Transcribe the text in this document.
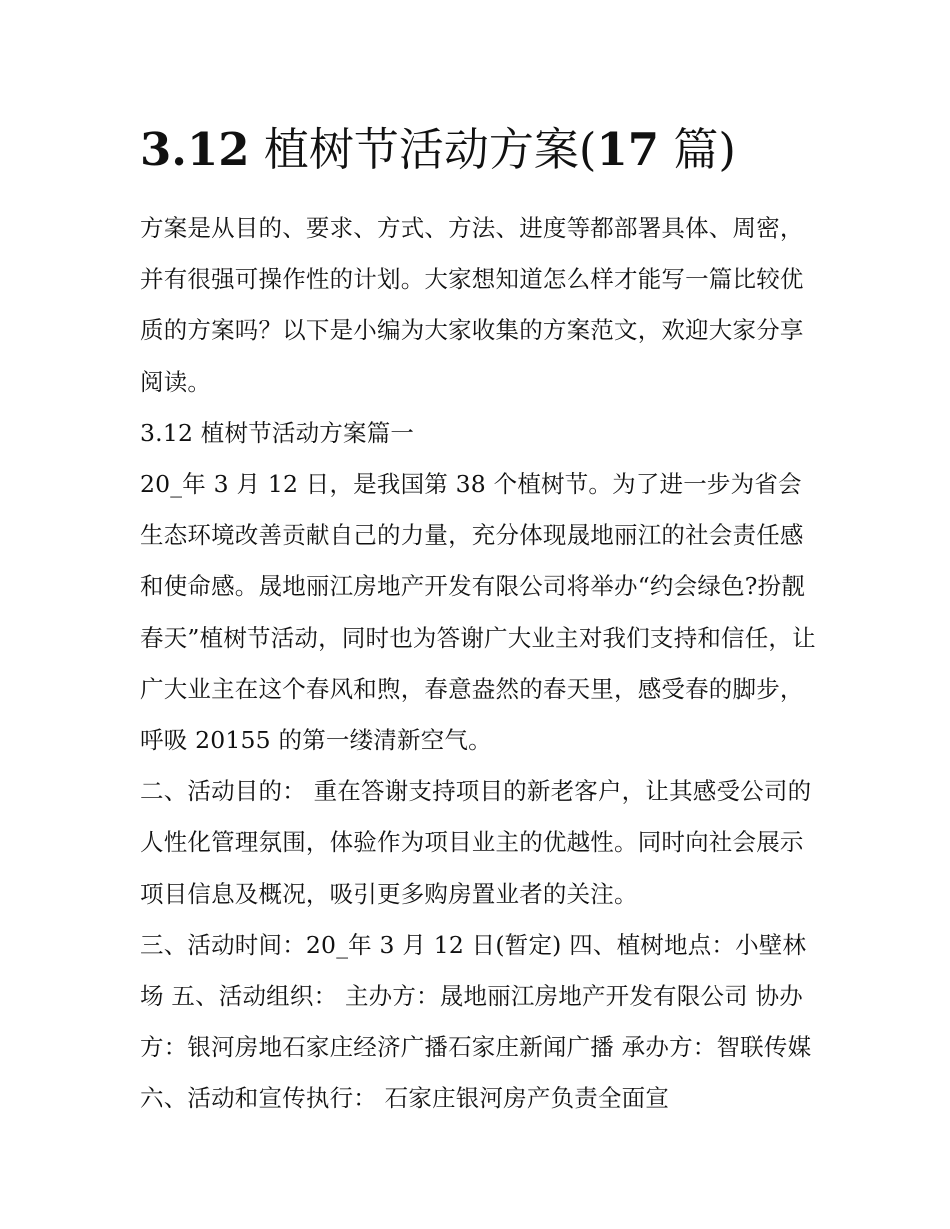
3.12 植树节活动方案(17 篇)

方案是从目的、要求、方式、方法、进度等都部署具体、周密，并有很强可操作性的计划。大家想知道怎么样才能写一篇比较优质的方案吗？以下是小编为大家收集的方案范文，欢迎大家分享阅读。

3.12 植树节活动方案篇一

20_年 3 月 12 日，是我国第 38 个植树节。为了进一步为省会生态环境改善贡献自己的力量，充分体现晟地丽江的社会责任感和使命感。晟地丽江房地产开发有限公司将举办“约会绿色?扮靓春天”植树节活动，同时也为答谢广大业主对我们支持和信任，让广大业主在这个春风和煦，春意盎然的春天里，感受春的脚步，呼吸 20155 的第一缕清新空气。

二、活动目的： 重在答谢支持项目的新老客户，让其感受公司的人性化管理氛围，体验作为项目业主的优越性。同时向社会展示项目信息及概况，吸引更多购房置业者的关注。

三、活动时间：20_年 3 月 12 日(暂定) 四、植树地点：小壁林场 五、活动组织： 主办方：晟地丽江房地产开发有限公司 协办方：银河房地石家庄经济广播石家庄新闻广播 承办方：智联传媒 六、活动和宣传执行： 石家庄银河房产负责全面宣
